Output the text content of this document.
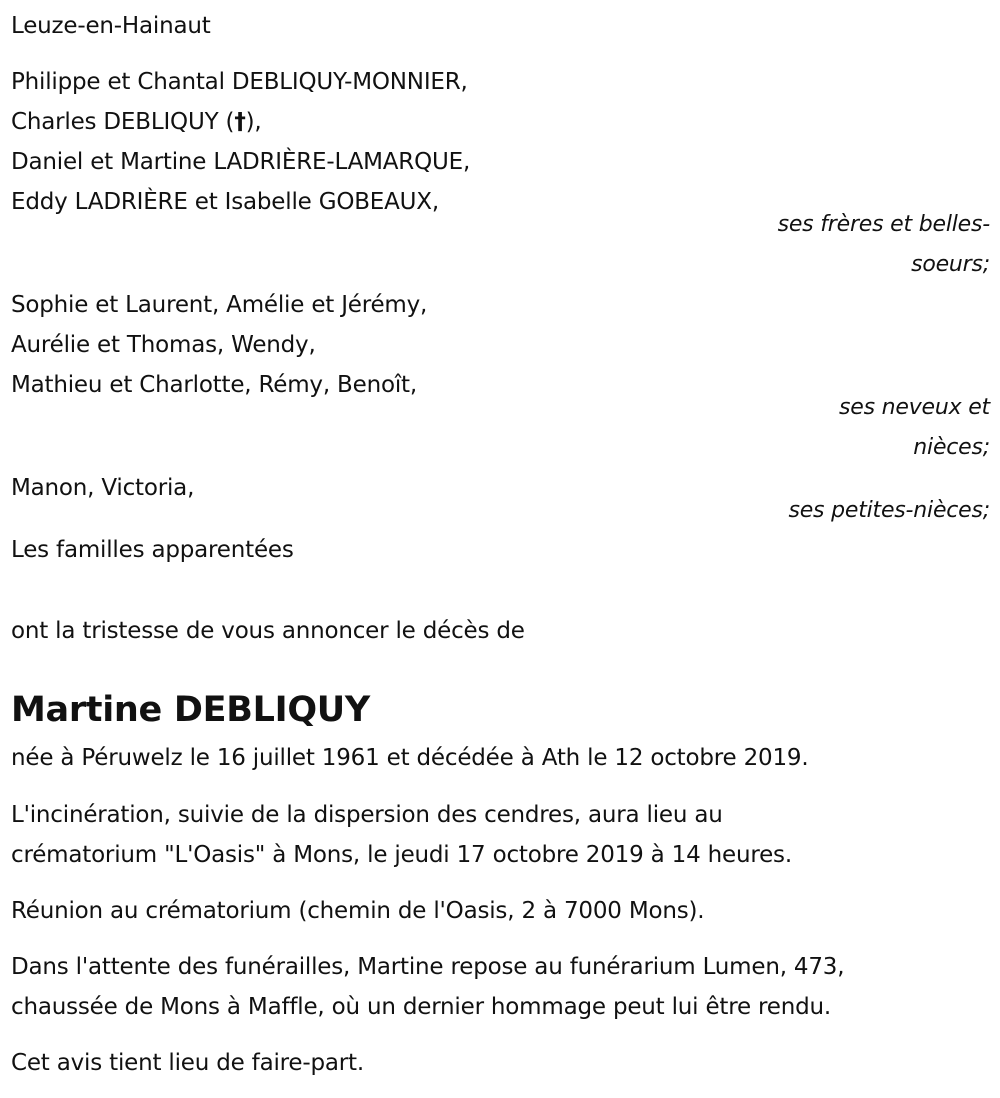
Leuze-en-Hainaut
Philippe et Chantal DEBLIQUY-MONNIER,
Charles DEBLIQUY (†),
Daniel et Martine LADRIÈRE-LAMARQUE,
Eddy LADRIÈRE et Isabelle GOBEAUX,
ses frères et belles-
soeurs;
Sophie et Laurent, Amélie et Jérémy,
Aurélie et Thomas, Wendy,
Mathieu et Charlotte, Rémy, Benoît,
ses neveux et
nièces;
Manon, Victoria,
ses petites-nièces;
Les familles apparentées
ont la tristesse de vous annoncer le décès de
Martine DEBLIQUY
née à Péruwelz le 16 juillet 1961 et décédée à Ath le 12 octobre 2019.
L'incinération, suivie de la dispersion des cendres, aura lieu au
crématorium "L'Oasis" à Mons, le jeudi 17 octobre 2019 à 14 heures.
Réunion au crématorium (chemin de l'Oasis, 2 à 7000 Mons).
Dans l'attente des funérailles, Martine repose au funérarium Lumen, 473,
chaussée de Mons à Maffle, où un dernier hommage peut lui être rendu.
Cet avis tient lieu de faire-part.
